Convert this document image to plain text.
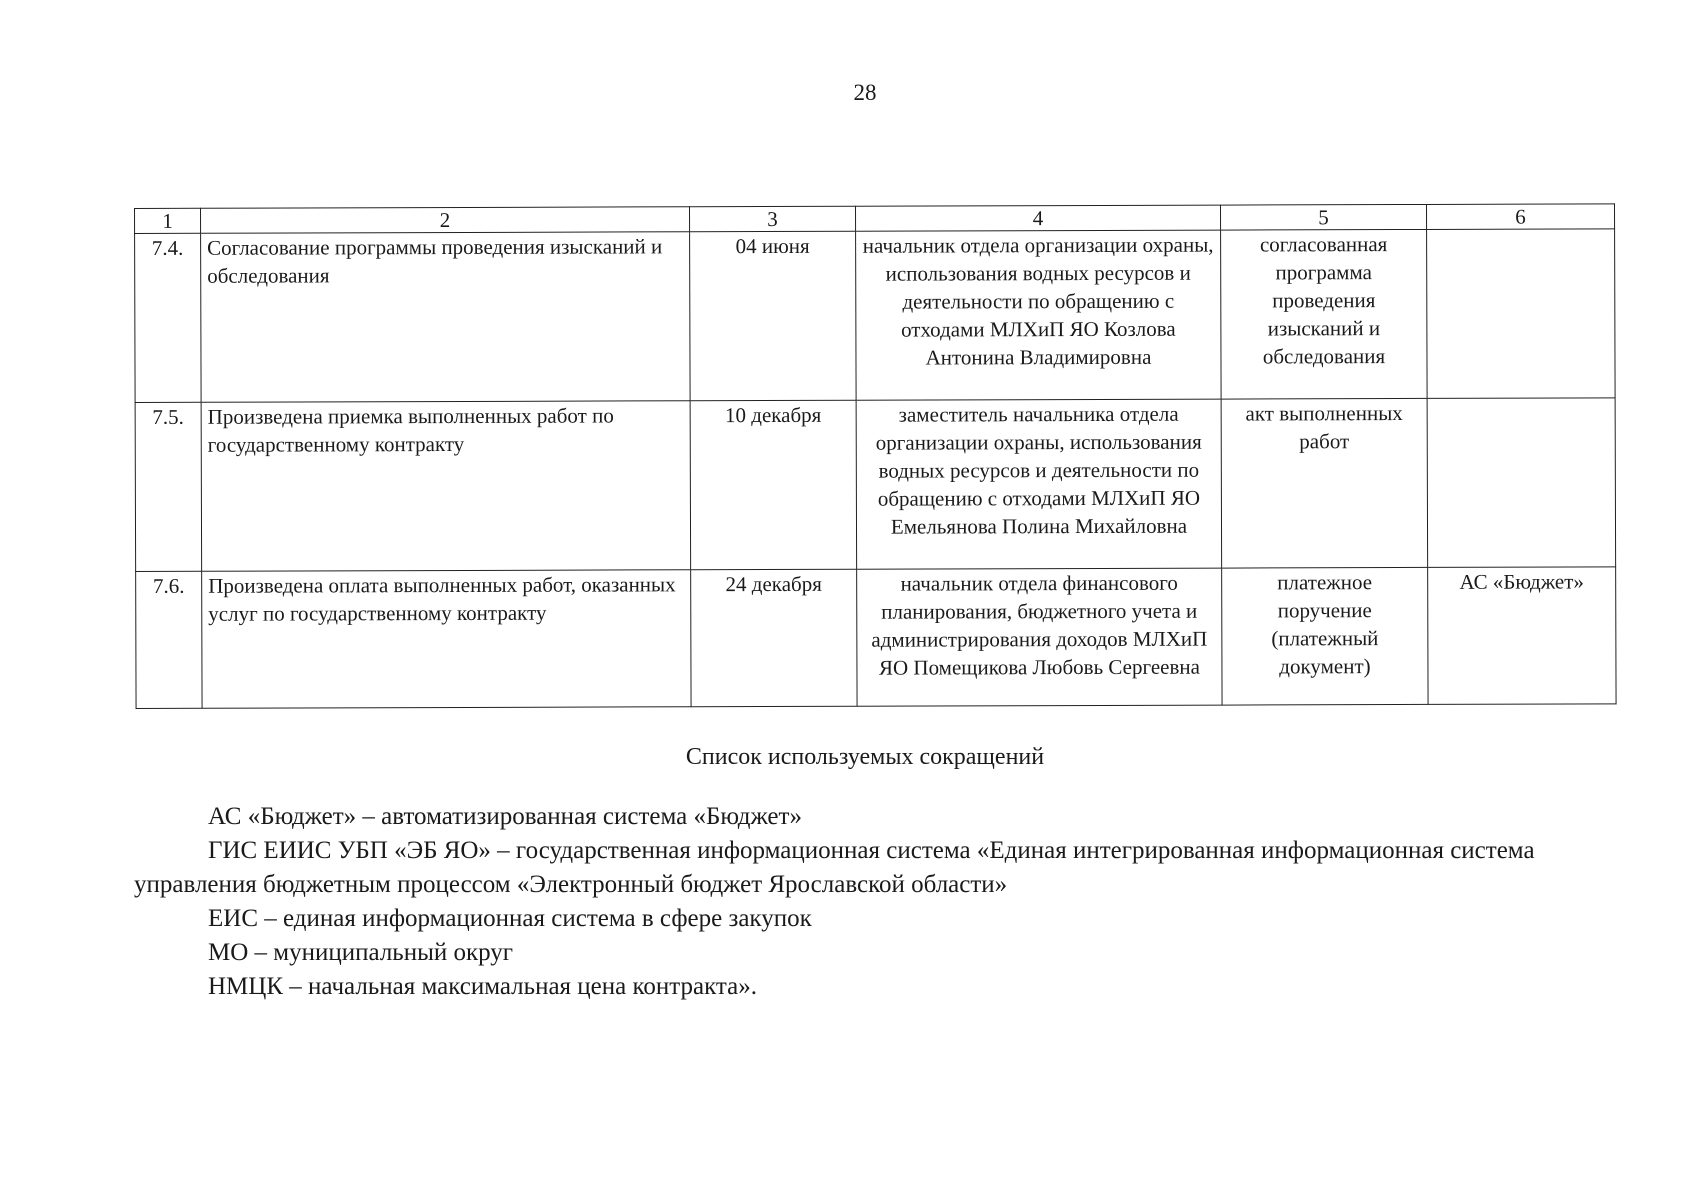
28
1	2	3	4	5	6
7.4.	Согласование программы проведения изысканий и обследования	04 июня	начальник отдела организации охраны, использования водных ресурсов и деятельности по обращению с отходами МЛХиП ЯО Козлова Антонина Владимировна	согласованная программа проведения изысканий и обследования	
7.5.	Произведена приемка выполненных работ по государственному контракту	10 декабря	заместитель начальника отдела организации охраны, использования водных ресурсов и деятельности по обращению с отходами МЛХиП ЯО Емельянова Полина Михайловна	акт выполненных работ	
7.6.	Произведена оплата выполненных работ, оказанных услуг по государственному контракту	24 декабря	начальник отдела финансового планирования, бюджетного учета и администрирования доходов МЛХиП ЯО Помещикова Любовь Сергеевна	платежное поручение (платежный документ)	АС «Бюджет»
Список используемых сокращений

АС «Бюджет» – автоматизированная система «Бюджет»

ГИС ЕИИС УБП «ЭБ ЯО» – государственная информационная система «Единая интегрированная информационная система управления бюджетным процессом «Электронный бюджет Ярославской области»

ЕИС – единая информационная система в сфере закупок

МО – муниципальный округ

НМЦК – начальная максимальная цена контракта».
